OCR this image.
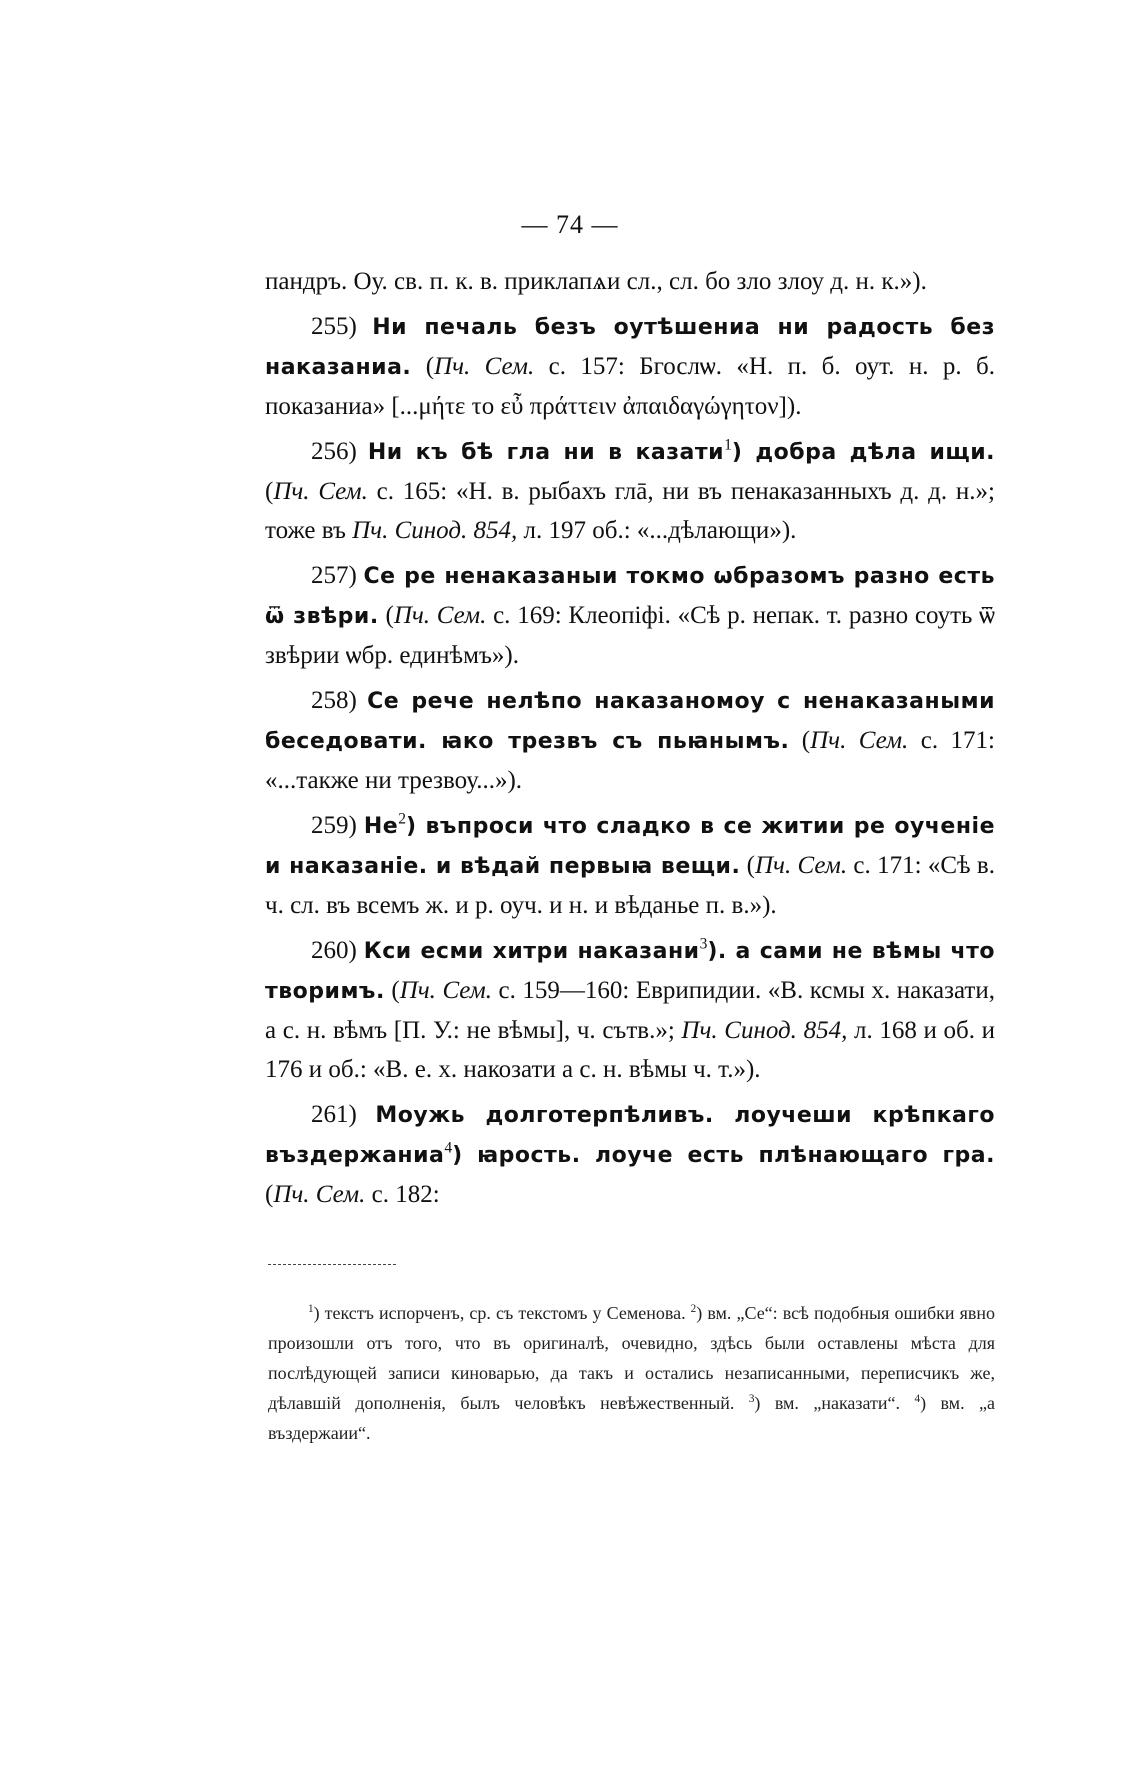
— 74 —

пандръ. Оу. св. п. к. в. приклапѧи сл., сл. бо зло злоу д. н. к.»).

255) Ни печаль безъ оутѣшениа ни радость без наказаниа. (Пч. Сем. с. 157: Бгослѡ. «Н. п. б. оут. н. р. б. показаниа» [...μήτε το εὖ πράττειν ἀπαιδαγώγητον]).

256) Ни къ бѣ гла ни в казати$^1$) добра дѣла ищи. (Пч. Сем. с. 165: «Н. в. рыбахъ глā, ни въ пенаказанныхъ д. д. н.»; тоже въ Пч. Синод. 854, л. 197 об.: «...дѣлающи»).

257) Се ре ненаказаныи токмо ѡбразомъ разно есть ѿ звѣри. (Пч. Сем. с. 169: Клеопіфі. «Сѣ р. непак. т. разно соуть ѿ звѣрии ѡбр. единѣмъ»).

258) Се рече нелѣпо наказаномоу с ненаказаными беседовати. ꙗко трезвъ съ пьꙗнымъ. (Пч. Сем. с. 171: «...также ни трезвоу...»).

259) $Не^2$) въпроси что сладко в се житии ре оученіе и наказаніе. и вѣдай первыꙗ вещи. (Пч. Сем. с. 171: «Сѣ в. ч. сл. въ всемъ ж. и р. оуч. и н. и вѣданье п. в.»).

260) Кси есми хитри наказани$^3$). а сами не вѣмы что творимъ. (Пч. Сем. с. 159—160: Еврипидии. «В. ксмы х. наказати, а с. н. вѣмъ [П. У.: не вѣмы], ч. сътв.»; Пч. Синод. 854, л. 168 и об. и 176 и об.: «В. е. х. накозати а с. н. вѣмы ч. т.»).

261) Моужь долготерпѣливъ. лоучеши крѣпкаго въздержаниа$^4$) ꙗрость. лоуче есть плѣнающаго гра. (Пч. Сем. с. 182:

$^1$) текстъ испорченъ, ср. съ текстомъ у Семенова. $^2$) вм. „Се“: всѣ подобныя ошибки явно произошли отъ того, что въ оригиналѣ, очевидно, здѣсь были оставлены мѣста для послѣдующей записи киноварью, да такъ и остались незаписанными, переписчикъ же, дѣлавшій дополненія, былъ человѣкъ невѣжественный. $^3$) вм. „наказати“. $^4$) вм. „а въздержаии“.
